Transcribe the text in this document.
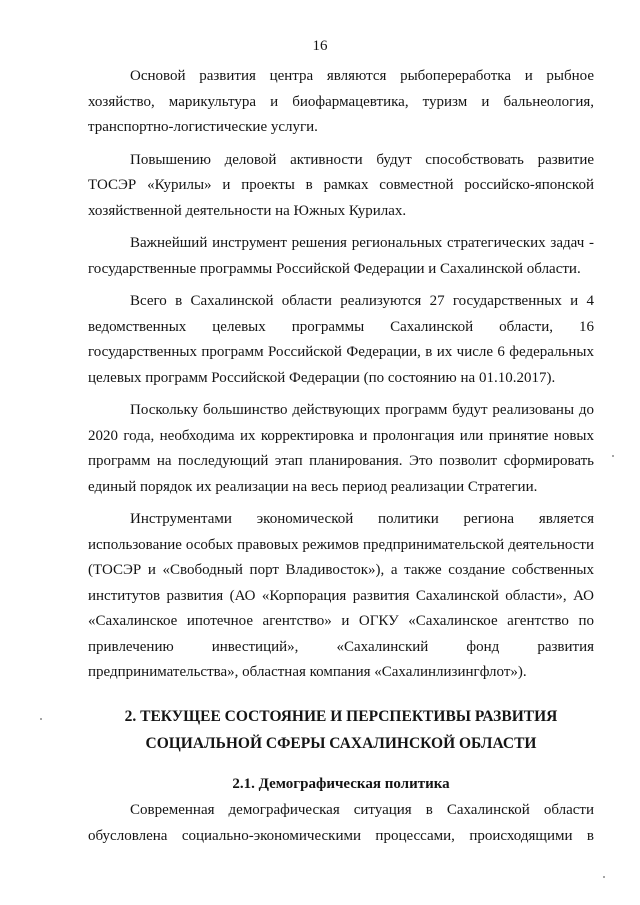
16

Основой развития центра являются рыбопереработка и рыбное хозяйство, марикультура и биофармацевтика, туризм и бальнеология, транспортно-логистические услуги.

Повышению деловой активности будут способствовать развитие ТОСЭР «Курилы» и проекты в рамках совместной российско-японской хозяйственной деятельности на Южных Курилах.

Важнейший инструмент решения региональных стратегических задач - государственные программы Российской Федерации и Сахалинской области.

Всего в Сахалинской области реализуются 27 государственных и 4 ведомственных целевых программы Сахалинской области, 16 государственных программ Российской Федерации, в их числе 6 федеральных целевых программ Российской Федерации (по состоянию на 01.10.2017).

Поскольку большинство действующих программ будут реализованы до 2020 года, необходима их корректировка и пролонгация или принятие новых программ на последующий этап планирования. Это позволит сформировать единый порядок их реализации на весь период реализации Стратегии.

Инструментами экономической политики региона является использование особых правовых режимов предпринимательской деятельности (ТОСЭР и «Свободный порт Владивосток»), а также создание собственных институтов развития (АО «Корпорация развития Сахалинской области», АО «Сахалинское ипотечное агентство» и ОГКУ «Сахалинское агентство по привлечению инвестиций», «Сахалинский фонд развития предпринимательства», областная компания «Сахалинлизингфлот»).

2. ТЕКУЩЕЕ СОСТОЯНИЕ И ПЕРСПЕКТИВЫ РАЗВИТИЯ
СОЦИАЛЬНОЙ СФЕРЫ САХАЛИНСКОЙ ОБЛАСТИ
2.1. Демографическая политика

Современная демографическая ситуация в Сахалинской области обусловлена социально-экономическими процессами, происходящими в
